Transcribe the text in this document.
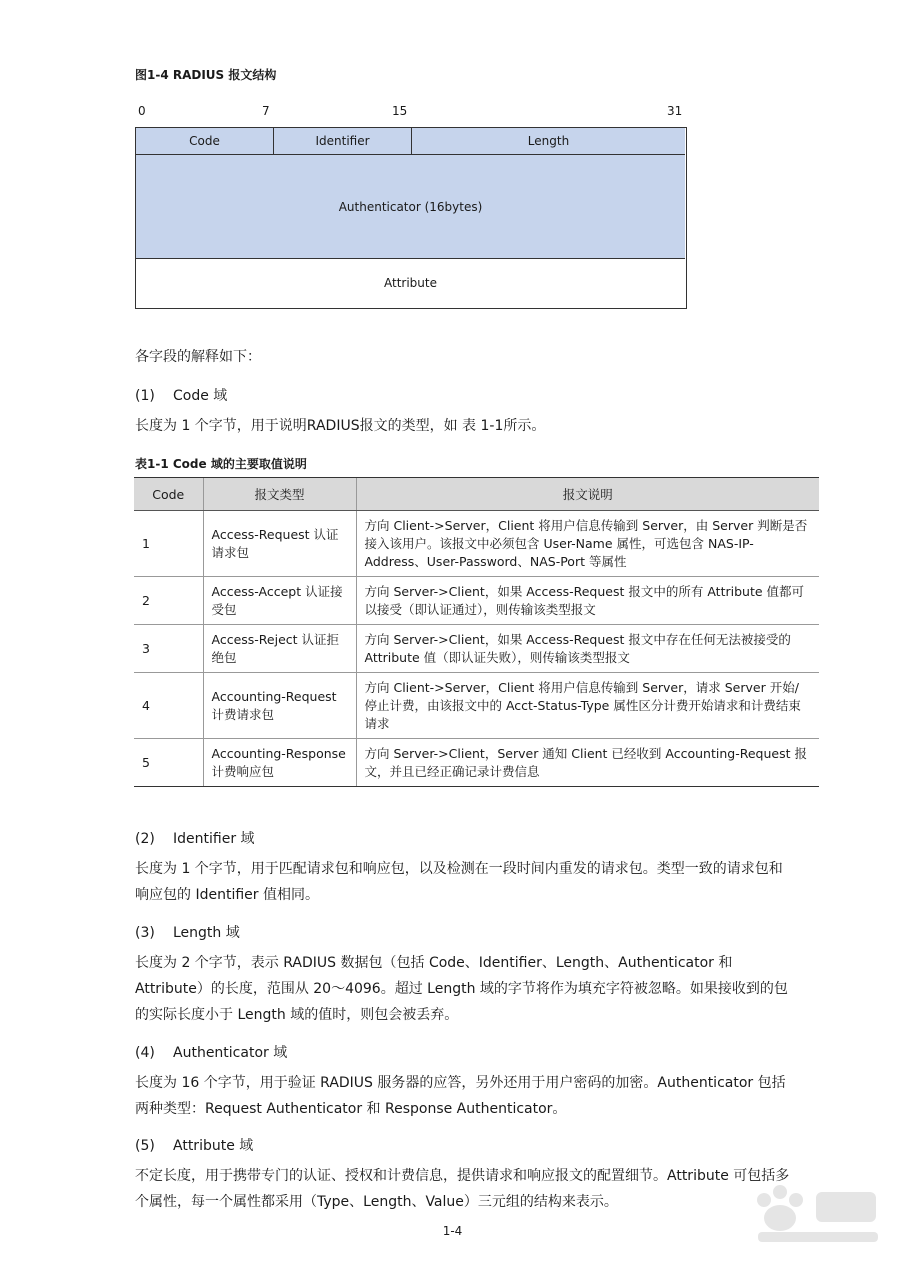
图1-4 RADIUS 报文结构
0	7	15	31
Code	Identifier	Length
Authenticator (16bytes)
Attribute
各字段的解释如下：
(1) Code 域
长度为 1 个字节，用于说明RADIUS报文的类型，如 表 1-1所示。
表1-1 Code 域的主要取值说明
Code	报文类型	报文说明
1	Access-Request 认证请求包	方向 Client->Server，Client 将用户信息传输到 Server，由 Server 判断是否接入该用户。该报文中必须包含 User-Name 属性，可选包含 NAS-IP-Address、User-Password、NAS-Port 等属性
2	Access-Accept 认证接受包	方向 Server->Client，如果 Access-Request 报文中的所有 Attribute 值都可以接受（即认证通过），则传输该类型报文
3	Access-Reject 认证拒绝包	方向 Server->Client，如果 Access-Request 报文中存在任何无法被接受的 Attribute 值（即认证失败），则传输该类型报文
4	Accounting-Request 计费请求包	方向 Client->Server，Client 将用户信息传输到 Server，请求 Server 开始/停止计费，由该报文中的 Acct-Status-Type 属性区分计费开始请求和计费结束请求
5	Accounting-Response 计费响应包	方向 Server->Client，Server 通知 Client 已经收到 Accounting-Request 报文，并且已经正确记录计费信息
(2) Identifier 域
长度为 1 个字节，用于匹配请求包和响应包，以及检测在一段时间内重发的请求包。类型一致的请求包和响应包的 Identifier 值相同。
(3) Length 域
长度为 2 个字节，表示 RADIUS 数据包（包括 Code、Identifier、Length、Authenticator 和 Attribute）的长度，范围从 20～4096。超过 Length 域的字节将作为填充字符被忽略。如果接收到的包的实际长度小于 Length 域的值时，则包会被丢弃。
(4) Authenticator 域
长度为 16 个字节，用于验证 RADIUS 服务器的应答，另外还用于用户密码的加密。Authenticator 包括两种类型：Request Authenticator 和 Response Authenticator。
(5) Attribute 域
不定长度，用于携带专门的认证、授权和计费信息，提供请求和响应报文的配置细节。Attribute 可包括多个属性，每一个属性都采用（Type、Length、Value）三元组的结构来表示。
1-4
